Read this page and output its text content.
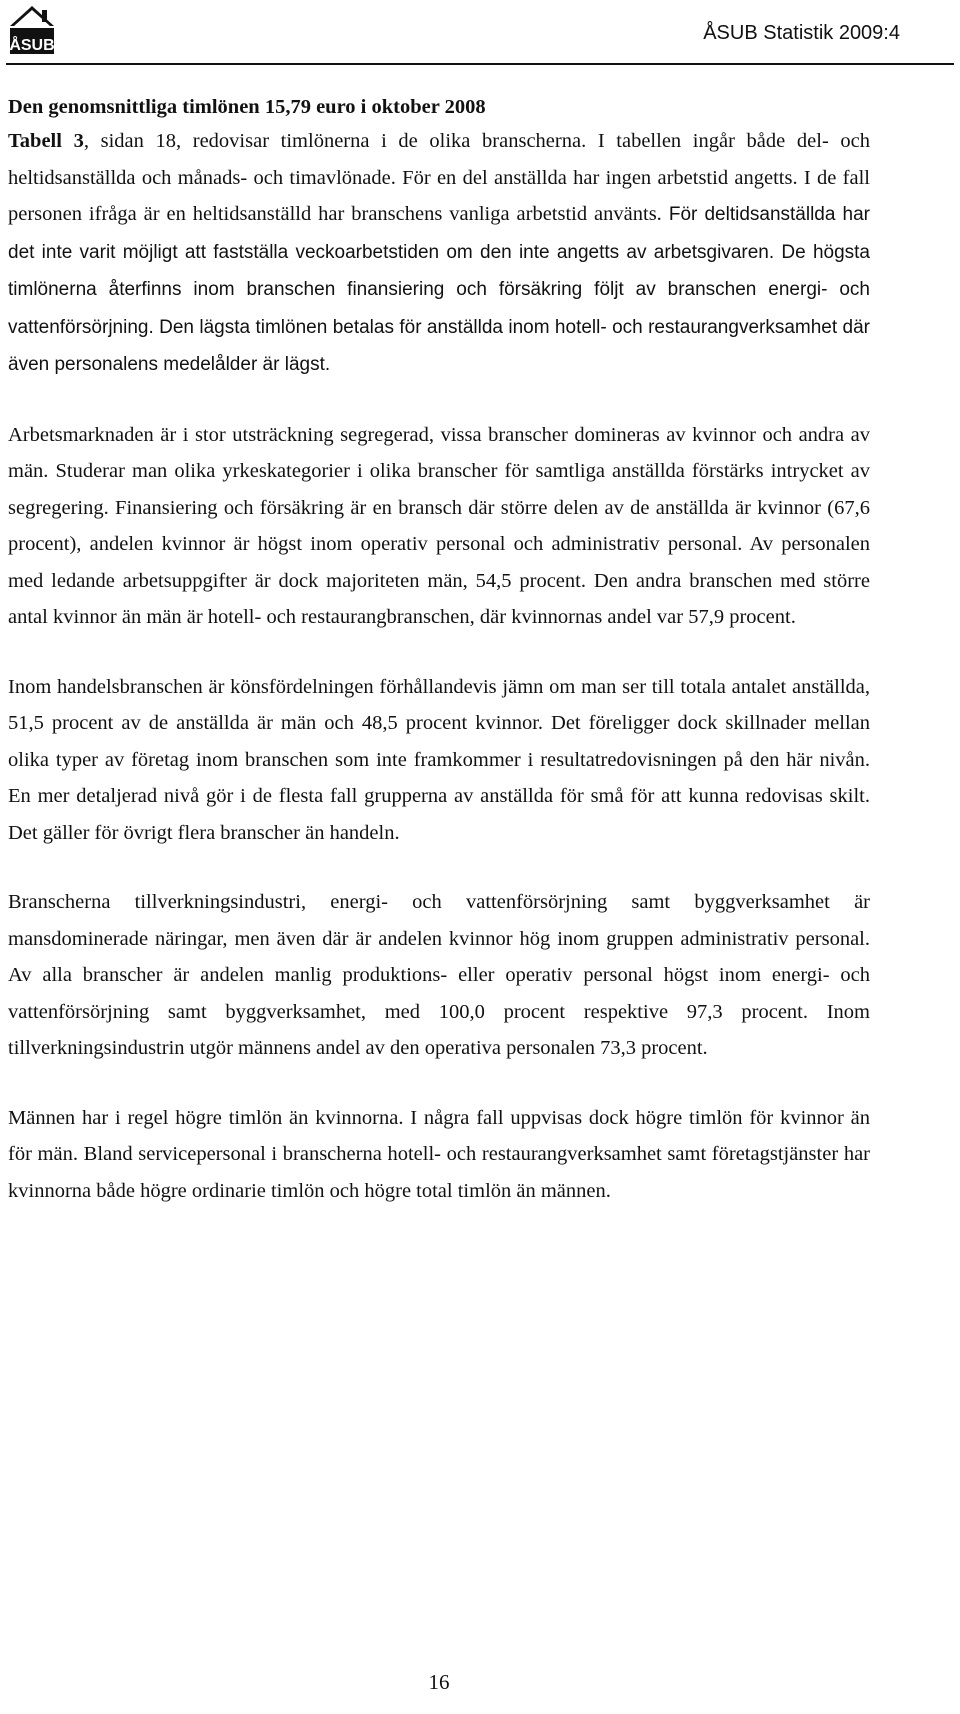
ÅSUB
ÅSUB Statistik 2009:4
Den genomsnittliga timlönen 15,79 euro i oktober 2008

Tabell 3, sidan 18, redovisar timlönerna i de olika branscherna. I tabellen ingår både del- och heltidsanställda och månads- och timavlönade. För en del anställda har ingen arbetstid angetts. I de fall personen ifråga är en heltidsanställd har branschens vanliga arbetstid använts. För deltidsanställda har det inte varit möjligt att fastställa veckoarbetstiden om den inte angetts av arbetsgivaren. De högsta timlönerna återfinns inom branschen finansiering och försäkring följt av branschen energi- och vattenförsörjning. Den lägsta timlönen betalas för anställda inom hotell- och restaurangverksamhet där även personalens medelålder är lägst.

Arbetsmarknaden är i stor utsträckning segregerad, vissa branscher domineras av kvinnor och andra av män. Studerar man olika yrkeskategorier i olika branscher för samtliga anställda förstärks intrycket av segregering. Finansiering och försäkring är en bransch där större delen av de anställda är kvinnor (67,6 procent), andelen kvinnor är högst inom operativ personal och administrativ personal. Av personalen med ledande arbetsuppgifter är dock majoriteten män, 54,5 procent. Den andra branschen med större antal kvinnor än män är hotell- och restaurangbranschen, där kvinnornas andel var 57,9 procent.

Inom handelsbranschen är könsfördelningen förhållandevis jämn om man ser till totala antalet anställda, 51,5 procent av de anställda är män och 48,5 procent kvinnor. Det föreligger dock skillnader mellan olika typer av företag inom branschen som inte framkommer i resultatredovisningen på den här nivån. En mer detaljerad nivå gör i de flesta fall grupperna av anställda för små för att kunna redovisas skilt. Det gäller för övrigt flera branscher än handeln.

Branscherna tillverkningsindustri, energi- och vattenförsörjning samt byggverksamhet är mansdominerade näringar, men även där är andelen kvinnor hög inom gruppen administrativ personal. Av alla branscher är andelen manlig produktions- eller operativ personal högst inom energi- och vattenförsörjning samt byggverksamhet, med 100,0 procent respektive 97,3 procent. Inom tillverkningsindustrin utgör männens andel av den operativa personalen 73,3 procent.

Männen har i regel högre timlön än kvinnorna. I några fall uppvisas dock högre timlön för kvinnor än för män. Bland servicepersonal i branscherna hotell- och restaurangverksamhet samt företagstjänster har kvinnorna både högre ordinarie timlön och högre total timlön än männen.

16
